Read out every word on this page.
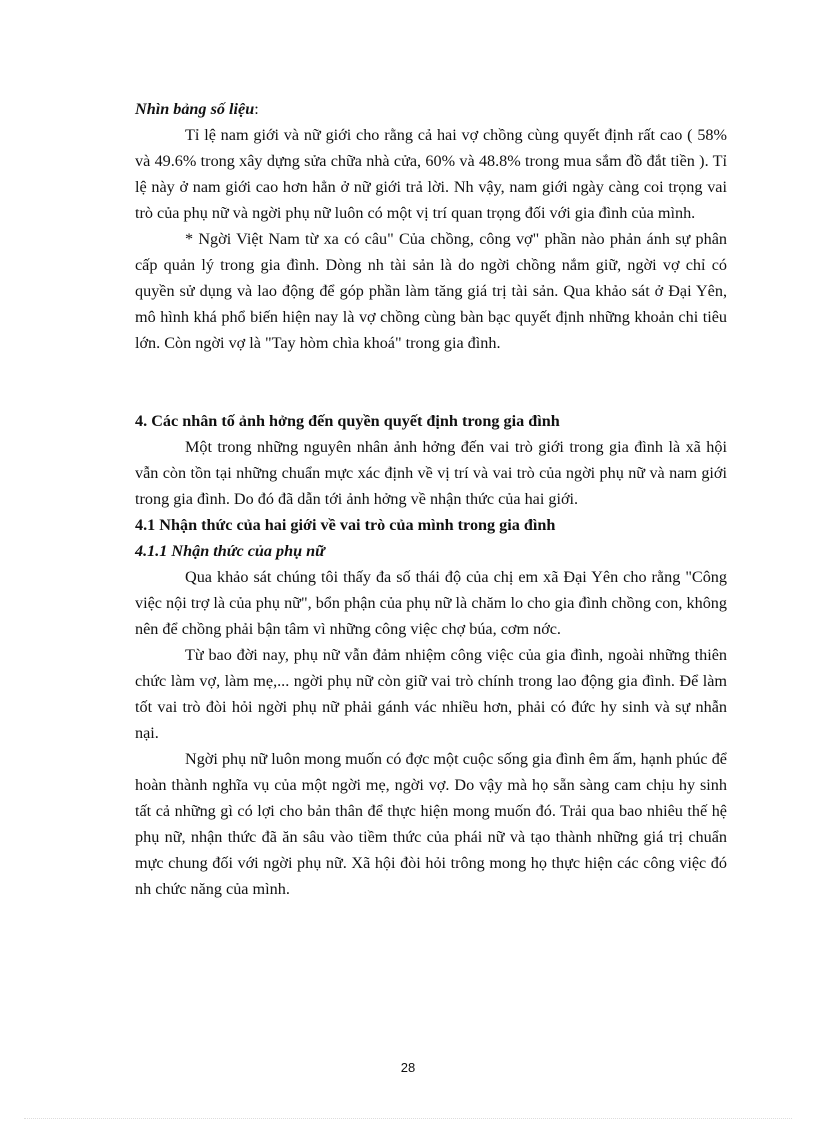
Nhìn bảng số liệu:

Tỉ lệ nam giới và nữ giới cho rằng cả hai vợ chồng cùng quyết định rất cao ( 58% và 49.6% trong xây dựng sửa chữa nhà cửa, 60% và 48.8% trong mua sắm đồ đắt tiền ). Tỉ lệ này ở nam giới cao hơn hẳn ở nữ giới trả lời. Nh vậy, nam giới ngày càng coi trọng vai trò của phụ nữ và ngời phụ nữ luôn có một vị trí quan trọng đối với gia đình của mình.

* Ngời Việt Nam từ xa có câu" Của chồng, công vợ" phần nào phản ánh sự phân cấp quản lý trong gia đình. Dòng nh tài sản là do ngời chồng nắm giữ, ngời vợ chỉ có quyền sử dụng và lao động để góp phần làm tăng giá trị tài sản. Qua khảo sát ở Đại Yên, mô hình khá phổ biến hiện nay là vợ chồng cùng bàn bạc quyết định những khoản chi tiêu lớn. Còn ngời vợ là "Tay hòm chìa khoá" trong gia đình.

4. Các nhân tố ảnh hởng đến quyền quyết định trong gia đình

Một trong những nguyên nhân ảnh hởng đến vai trò giới trong gia đình là xã hội vẫn còn tồn tại những chuẩn mực xác định về vị trí và vai trò của ngời phụ nữ và nam giới trong gia đình. Do đó đã dẫn tới ảnh hởng về nhận thức của hai giới.

4.1 Nhận thức của hai giới về vai trò của mình trong gia đình

4.1.1 Nhận thức của phụ nữ

Qua khảo sát chúng tôi thấy đa số thái độ của chị em xã Đại Yên cho rằng "Công việc nội trợ là của phụ nữ", bổn phận của phụ nữ là chăm lo cho gia đình chồng con, không nên để chồng phải bận tâm vì những công việc chợ búa, cơm nớc.

Từ bao đời nay, phụ nữ vẫn đảm nhiệm công việc của gia đình, ngoài những thiên chức làm vợ, làm mẹ,... ngời phụ nữ còn giữ vai trò chính trong lao động gia đình. Để làm tốt vai trò đòi hỏi ngời phụ nữ phải gánh vác nhiều hơn, phải có đức hy sinh và sự nhẫn nại.

Ngời phụ nữ luôn mong muốn có đợc một cuộc sống gia đình êm ấm, hạnh phúc để hoàn thành nghĩa vụ của một ngời mẹ, ngời vợ. Do vậy mà họ sẵn sàng cam chịu hy sinh tất cả những gì có lợi cho bản thân để thực hiện mong muốn đó. Trải qua bao nhiêu thế hệ phụ nữ, nhận thức đã ăn sâu vào tiềm thức của phái nữ và tạo thành những giá trị chuẩn mực chung đối với ngời phụ nữ. Xã hội đòi hỏi trông mong họ thực hiện các công việc đó nh chức năng của mình.

28
